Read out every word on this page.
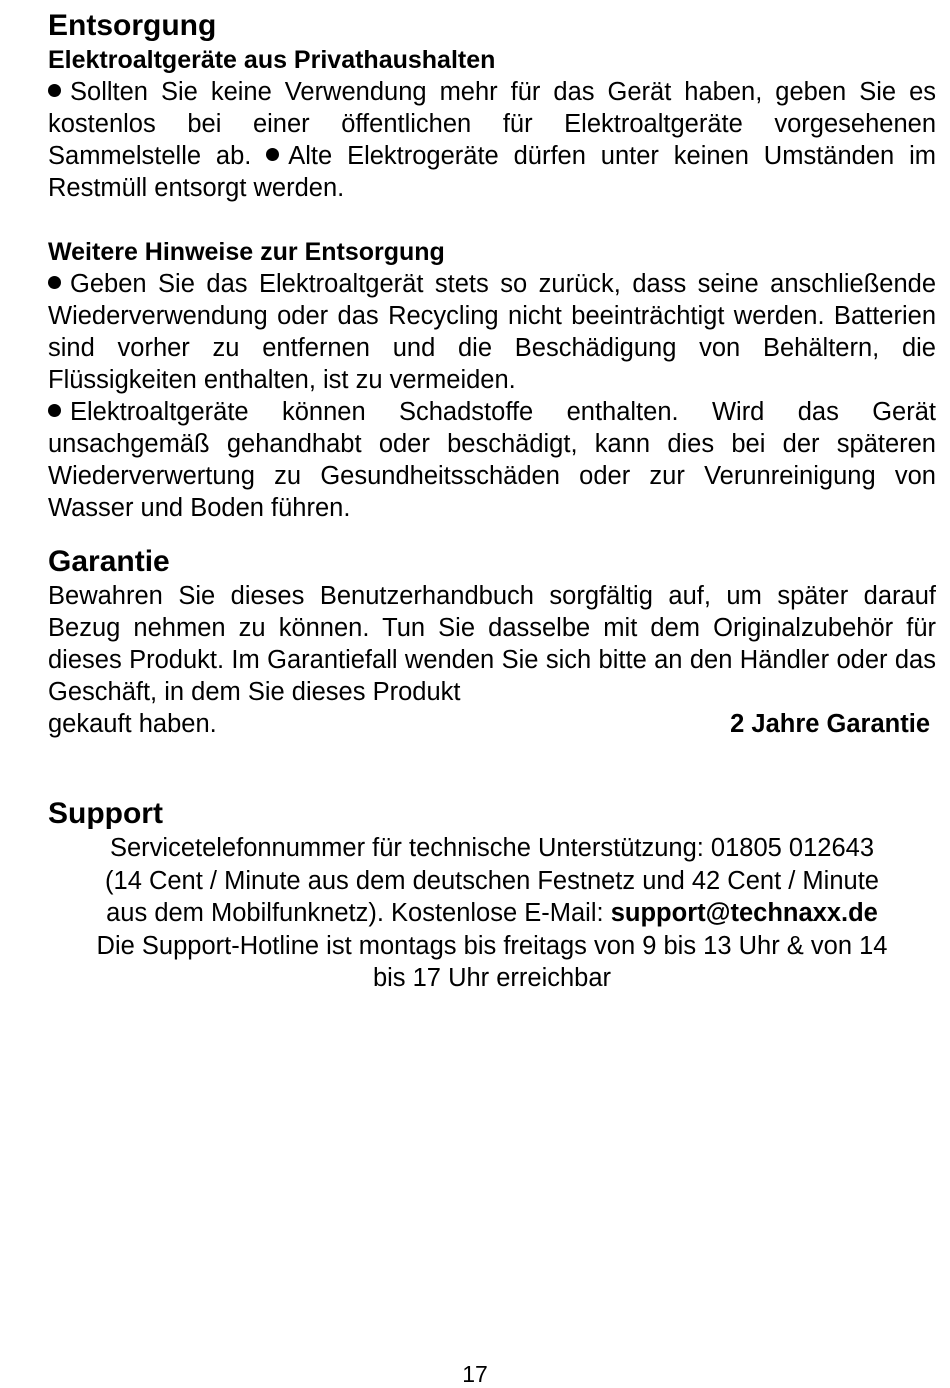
Entsorgung
Elektroaltgeräte aus Privathaushalten

Sollten Sie keine Verwendung mehr für das Gerät haben, geben Sie es kostenlos bei einer öffentlichen für Elektroaltgeräte vorgesehenen Sammelstelle ab. Alte Elektrogeräte dürfen unter keinen Umständen im Restmüll entsorgt werden.

Weitere Hinweise zur Entsorgung

Geben Sie das Elektroaltgerät stets so zurück, dass seine anschließende Wiederverwendung oder das Recycling nicht beeinträchtigt werden. Batterien sind vorher zu entfernen und die Beschädigung von Behältern, die Flüssigkeiten enthalten, ist zu vermeiden.

Elektroaltgeräte können Schadstoffe enthalten. Wird das Gerät unsachgemäß gehandhabt oder beschädigt, kann dies bei der späteren Wiederverwertung zu Gesundheitsschäden oder zur Verunreinigung von Wasser und Boden führen.

Garantie

Bewahren Sie dieses Benutzerhandbuch sorgfältig auf, um später darauf Bezug nehmen zu können. Tun Sie dasselbe mit dem Originalzubehör für dieses Produkt. Im Garantiefall wenden Sie sich bitte an den Händler oder das Geschäft, in dem Sie dieses Produkt

gekauft haben.	2 Jahre Garantie
Support
Servicetelefonnummer für technische Unterstützung: 01805 012643
(14 Cent / Minute aus dem deutschen Festnetz und 42 Cent / Minute
aus dem Mobilfunknetz). Kostenlose E-Mail: support@technaxx.de
Die Support-Hotline ist montags bis freitags von 9 bis 13 Uhr & von 14
bis 17 Uhr erreichbar
17
